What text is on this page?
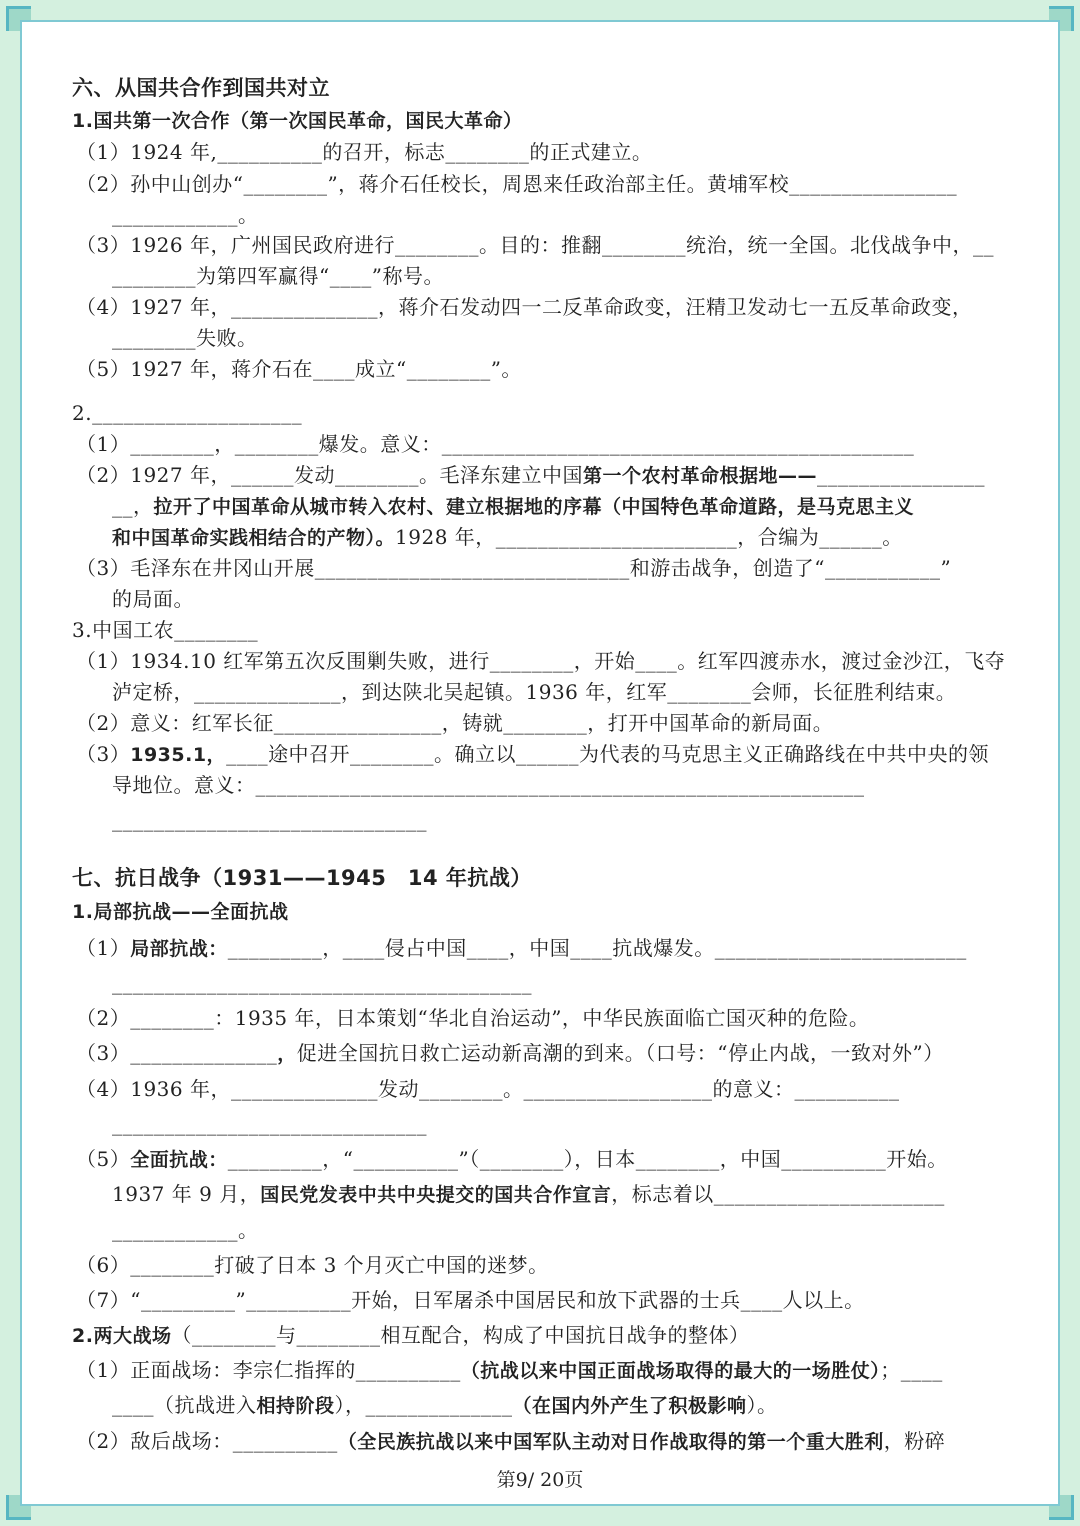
六、从国共合作到国共对立
1.国共第一次合作（第一次国民革命，国民大革命）
（1）1924 年,__________的召开，标志________的正式建立。
（2）孙中山创办“________”，蒋介石任校长，周恩来任政治部主任。黄埔军校________________
____________。
（3）1926 年，广州国民政府进行________。目的：推翻________统治，统一全国。北伐战争中，__
________为第四军赢得“____”称号。
（4）1927 年，______________，蒋介石发动四一二反革命政变，汪精卫发动七一五反革命政变，
________失败。
（5）1927 年，蒋介石在____成立“________”。
2.____________________
（1）________，________爆发。意义：_____________________________________________
（2）1927 年，______发动________。毛泽东建立中国第一个农村革命根据地——________________
__，拉开了中国革命从城市转入农村、建立根据地的序幕（中国特色革命道路，是马克思主义
和中国革命实践相结合的产物）。1928 年，_______________________，合编为______。
（3）毛泽东在井冈山开展______________________________和游击战争，创造了“___________”
的局面。
3.中国工农________
（1）1934.10 红军第五次反围剿失败，进行________，开始____。红军四渡赤水，渡过金沙江，飞夺
泸定桥，______________，到达陕北吴起镇。1936 年，红军________会师，长征胜利结束。
（2）意义：红军长征________________，铸就________，打开中国革命的新局面。
（3）1935.1，____途中召开________。确立以______为代表的马克思主义正确路线在中共中央的领
导地位。意义：__________________________________________________________
______________________________
七、抗日战争（1931——1945　14 年抗战）
1.局部抗战——全面抗战
（1）局部抗战：_________，____侵占中国____，中国____抗战爆发。________________________
________________________________________
（2）________：1935 年，日本策划“华北自治运动”，中华民族面临亡国灭种的危险。
（3）______________，促进全国抗日救亡运动新高潮的到来。（口号：“停止内战，一致对外”）
（4）1936 年，______________发动________。__________________的意义：__________
______________________________
（5）全面抗战：_________，“__________”（________），日本________，中国__________开始。
1937 年 9 月，国民党发表中共中央提交的国共合作宣言，标志着以______________________
____________。
（6）________打破了日本 3 个月灭亡中国的迷梦。
（7）“_________”__________开始，日军屠杀中国居民和放下武器的士兵____人以上。
2.两大战场（________与________相互配合，构成了中国抗日战争的整体）
（1）正面战场：李宗仁指挥的__________（抗战以来中国正面战场取得的最大的一场胜仗）；____
____（抗战进入相持阶段），______________（在国内外产生了积极影响）。
（2）敌后战场：__________（全民族抗战以来中国军队主动对日作战取得的第一个重大胜利，粉碎
第9/ 20页
